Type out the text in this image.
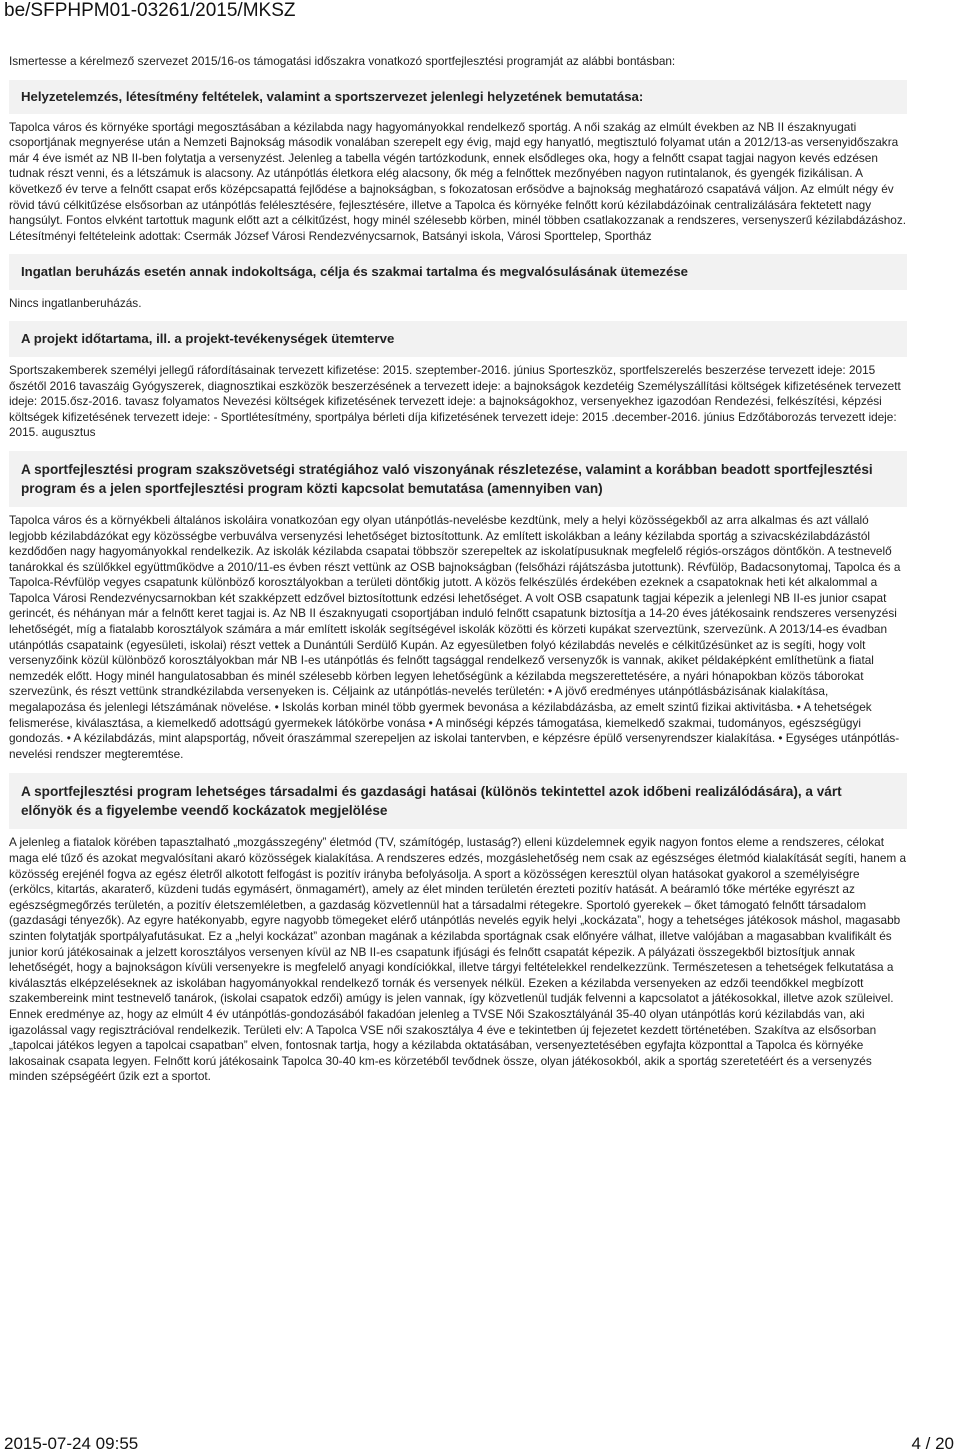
be/SFPHPM01-03261/2015/MKSZ
Ismertesse a kérelmező szervezet 2015/16-os támogatási időszakra vonatkozó sportfejlesztési programját az alábbi bontásban:
Helyzetelemzés, létesítmény feltételek, valamint a sportszervezet jelenlegi helyzetének bemutatása:
Tapolca város és környéke sportági megosztásában a kézilabda nagy hagyományokkal rendelkező sportág. A női szakág az elmúlt években az NB II északnyugati csoportjának megnyerése után a Nemzeti Bajnokság második vonalában szerepelt egy évig, majd egy hanyatló, megtisztuló folyamat után a 2012/13-as versenyidőszakra már 4 éve ismét az NB II-ben folytatja a versenyzést. Jelenleg a tabella végén tartózkodunk, ennek elsődleges oka, hogy a felnőtt csapat tagjai nagyon kevés edzésen tudnak részt venni, és a létszámuk is alacsony. Az utánpótlás életkora elég alacsony, ők még a felnőttek mezőnyében nagyon rutintalanok, és gyengék fizikálisan. A következő év terve a felnőtt csapat erős középcsapattá fejlődése a bajnokságban, s fokozatosan erősödve a bajnokság meghatározó csapatává váljon. Az elmúlt négy év rövid távú célkitűzése elsősorban az utánpótlás felélesztésére, fejlesztésére, illetve a Tapolca és környéke felnőtt korú kézilabdázóinak centralizálására fektetett nagy hangsúlyt. Fontos elvként tartottuk magunk előtt azt a célkitűzést, hogy minél szélesebb körben, minél többen csatlakozzanak a rendszeres, versenyszerű kézilabdázáshoz. Létesítményi feltételeink adottak: Csermák József Városi Rendezvénycsarnok, Batsányi iskola, Városi Sporttelep, Sportház
Ingatlan beruházás esetén annak indokoltsága, célja és szakmai tartalma és megvalósulásának ütemezése
Nincs ingatlanberuházás.
A projekt időtartama, ill. a projekt-tevékenységek ütemterve
Sportszakemberek személyi jellegű ráfordításainak tervezett kifizetése: 2015. szeptember-2016. június Sporteszköz, sportfelszerelés beszerzése tervezett ideje: 2015 őszétől 2016 tavaszáig Gyógyszerek, diagnosztikai eszközök beszerzésének a tervezett ideje: a bajnokságok kezdetéig Személyszállítási költségek kifizetésének tervezett ideje: 2015.ősz-2016. tavasz folyamatos Nevezési költségek kifizetésének tervezett ideje: a bajnokságokhoz, versenyekhez igazodóan Rendezési, felkészítési, képzési költségek kifizetésének tervezett ideje: - Sportlétesítmény, sportpálya bérleti díja kifizetésének tervezett ideje: 2015 .december-2016. június Edzőtáborozás tervezett ideje: 2015. augusztus
A sportfejlesztési program szakszövetségi stratégiához való viszonyának részletezése, valamint a korábban beadott sportfejlesztési program és a jelen sportfejlesztési program közti kapcsolat bemutatása (amennyiben van)
Tapolca város és a környékbeli általános iskoláira vonatkozóan egy olyan utánpótlás-nevelésbe kezdtünk, mely a helyi közösségekből az arra alkalmas és azt vállaló legjobb kézilabdázókat egy közösségbe verbuválva versenyzési lehetőséget biztosítottunk. Az említett iskolákban a leány kézilabda sportág a szivacskézilabdázástól kezdődően nagy hagyományokkal rendelkezik. Az iskolák kézilabda csapatai többször szerepeltek az iskolatípusuknak megfelelő régiós-országos döntőkön. A testnevelő tanárokkal és szülőkkel együttműködve a 2010/11-es évben részt vettünk az OSB bajnokságban (felsőházi rájátszásba jutottunk). Révfülöp, Badacsonytomaj, Tapolca és a Tapolca-Révfülöp vegyes csapatunk különböző korosztályokban a területi döntőkig jutott. A közös felkészülés érdekében ezeknek a csapatoknak heti két alkalommal a Tapolca Városi Rendezvénycsarnokban két szakképzett edzővel biztosítottunk edzési lehetőséget. A volt OSB csapatunk tagjai képezik a jelenlegi NB II-es junior csapat gerincét, és néhányan már a felnőtt keret tagjai is. Az NB II északnyugati csoportjában induló felnőtt csapatunk biztosítja a 14-20 éves játékosaink rendszeres versenyzési lehetőségét, míg a fiatalabb korosztályok számára a már említett iskolák segítségével iskolák közötti és körzeti kupákat szerveztünk, szervezünk. A 2013/14-es évadban utánpótlás csapataink (egyesületi, iskolai) részt vettek a Dunántúli Serdülő Kupán. Az egyesületben folyó kézilabdás nevelés e célkitűzésünket az is segíti, hogy volt versenyzőink közül különböző korosztályokban már NB I-es utánpótlás és felnőtt tagsággal rendelkező versenyzők is vannak, akiket példaképként említhetünk a fiatal nemzedék előtt. Hogy minél hangulatosabban és minél szélesebb körben legyen lehetőségünk a kézilabda megszerettetésére, a nyári hónapokban közös táborokat szervezünk, és részt vettünk strandkézilabda versenyeken is. Céljaink az utánpótlás-nevelés területén: • A jövő eredményes utánpótlásbázisának kialakítása, megalapozása és jelenlegi létszámának növelése. • Iskolás korban minél több gyermek bevonása a kézilabdázásba, az emelt szintű fizikai aktivitásba. • A tehetségek felismerése, kiválasztása, a kiemelkedő adottságú gyermekek látókörbe vonása • A minőségi képzés támogatása, kiemelkedő szakmai, tudományos, egészségügyi gondozás. • A kézilabdázás, mint alapsportág, nőveit óraszámmal szerepeljen az iskolai tantervben, e képzésre épülő versenyrendszer kialakítása. • Egységes utánpótlás-nevelési rendszer megteremtése.
A sportfejlesztési program lehetséges társadalmi és gazdasági hatásai (különös tekintettel azok időbeni realizálódására), a várt előnyök és a figyelembe veendő kockázatok megjelölése
A jelenleg a fiatalok körében tapasztalható „mozgásszegény” életmód (TV, számítógép, lustaság?) elleni küzdelemnek egyik nagyon fontos eleme a rendszeres, célokat maga elé tűző és azokat megvalósítani akaró közösségek kialakítása. A rendszeres edzés, mozgáslehetőség nem csak az egészséges életmód kialakítását segíti, hanem a közösség erejénél fogva az egész életről alkotott felfogást is pozitív irányba befolyásolja. A sport a közösségen keresztül olyan hatásokat gyakorol a személyiségre (erkölcs, kitartás, akaraterő, küzdeni tudás egymásért, önmagamért), amely az élet minden területén érezteti pozitív hatását. A beáramló tőke mértéke egyrészt az egészségmegőrzés területén, a pozitív életszemléletben, a gazdaság közvetlennül hat a társadalmi rétegekre. Sportoló gyerekek – őket támogató felnőtt társadalom (gazdasági tényezők). Az egyre hatékonyabb, egyre nagyobb tömegeket elérő utánpótlás nevelés egyik helyi „kockázata”, hogy a tehetséges játékosok máshol, magasabb szinten folytatják sportpályafutásukat. Ez a „helyi kockázat” azonban magának a kézilabda sportágnak csak előnyére válhat, illetve valójában a magasabban kvalifikált és junior korú játékosainak a jelzett korosztályos versenyen kívül az NB II-es csapatunk ifjúsági és felnőtt csapatát képezik. A pályázati összegekből biztosítjuk annak lehetőségét, hogy a bajnokságon kívüli versenyekre is megfelelő anyagi kondíciókkal, illetve tárgyi feltételekkel rendelkezzünk. Természetesen a tehetségek felkutatása a kiválasztás elképzeléseknek az iskolában hagyományokkal rendelkező tornák és versenyek nélkül. Ezeken a kézilabda versenyeken az edzői teendőkkel megbízott szakembereink mint testnevelő tanárok, (iskolai csapatok edzői) amúgy is jelen vannak, így közvetlenül tudják felvenni a kapcsolatot a játékosokkal, illetve azok szüleivel. Ennek eredménye az, hogy az elmúlt 4 év utánpótlás-gondozásából fakadóan jelenleg a TVSE Női Szakosztályánál 35-40 olyan utánpótlás korú kézilabdás van, aki igazolással vagy regisztrációval rendelkezik. Területi elv: A Tapolca VSE női szakosztálya 4 éve e tekintetben új fejezetet kezdett történetében. Szakítva az elsősorban „tapolcai játékos legyen a tapolcai csapatban” elven, fontosnak tartja, hogy a kézilabda oktatásában, versenyeztetésében egyfajta központtal a Tapolca és környéke lakosainak csapata legyen. Felnőtt korú játékosaink Tapolca 30-40 km-es körzetéből tevődnek össze, olyan játékosokból, akik a sportág szeretetéért és a versenyzés minden szépségéért űzik ezt a sportot.
2015-07-24 09:55	4 / 20
